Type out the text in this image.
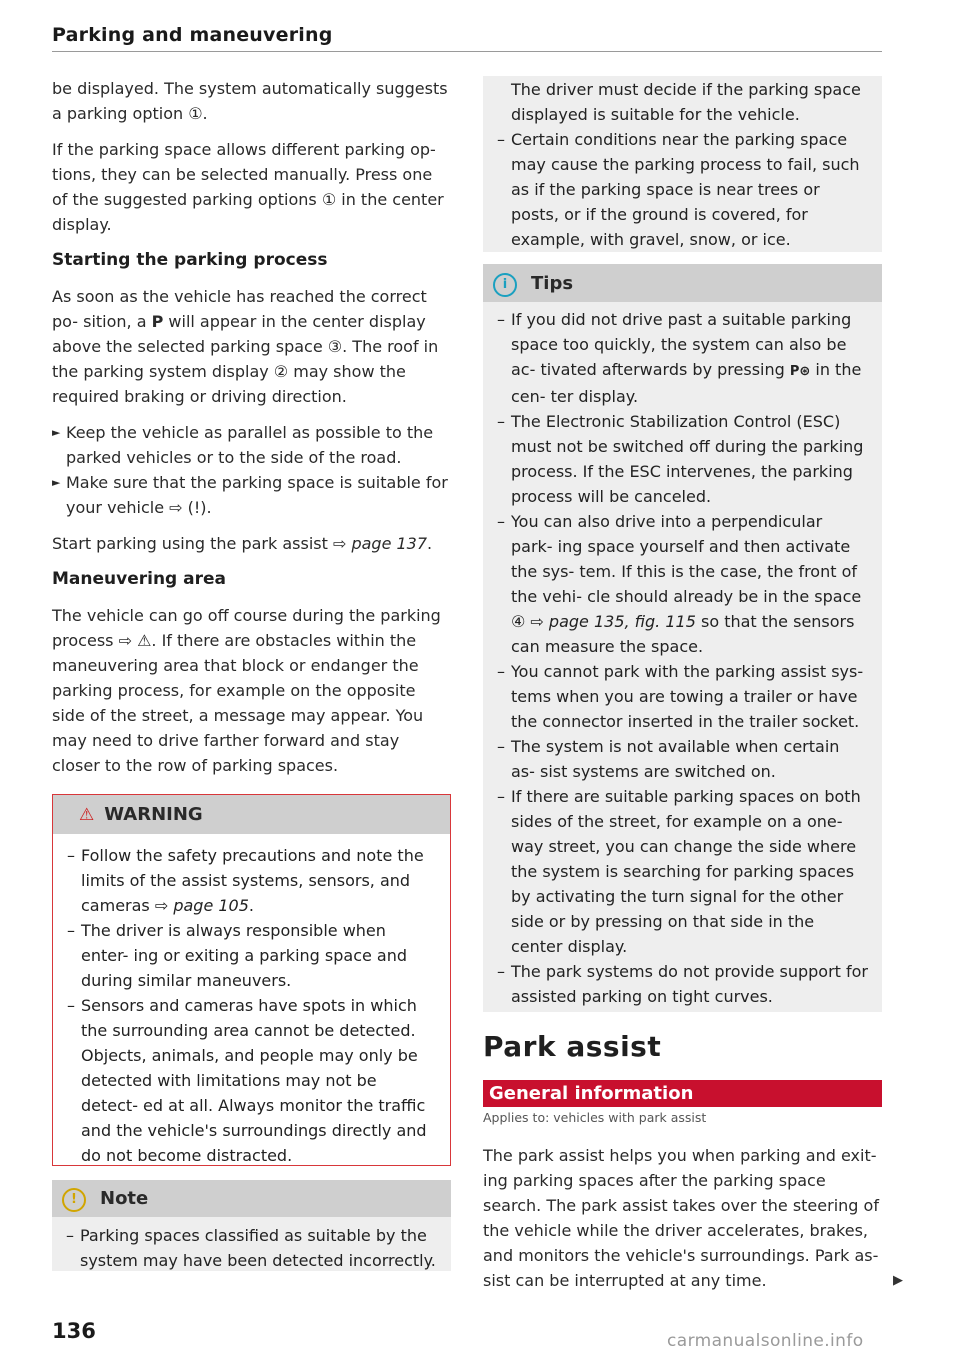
Parking and maneuvering

be displayed. The system automatically suggests a parking option ①.

If the parking space allows different parking op- tions, they can be selected manually. Press one of the suggested parking options ① in the center display.

Starting the parking process

As soon as the vehicle has reached the correct po- sition, a P will appear in the center display above the selected parking space ③. The roof in the parking system display ② may show the required braking or driving direction.

► Keep the vehicle as parallel as possible to the parked vehicles or to the side of the road.
► Make sure that the parking space is suitable for your vehicle ⇨ (!).

Start parking using the park assist ⇨ page 137.

Maneuvering area

The vehicle can go off course during the parking process ⇨ ⚠. If there are obstacles within the maneuvering area that block or endanger the parking process, for example on the opposite side of the street, a message may appear. You may need to drive farther forward and stay closer to the row of parking spaces.

⚠ WARNING
– Follow the safety precautions and note the limits of the assist systems, sensors, and cameras ⇨ page 105.
– The driver is always responsible when enter- ing or exiting a parking space and during similar maneuvers.
– Sensors and cameras have spots in which the surrounding area cannot be detected. Objects, animals, and people may only be detected with limitations may not be detect- ed at all. Always monitor the traffic and the vehicle's surroundings directly and do not become distracted.
! Note
– Parking spaces classified as suitable by the system may have been detected incorrectly.
The driver must decide if the parking space displayed is suitable for the vehicle.
– Certain conditions near the parking space may cause the parking process to fail, such as if the parking space is near trees or posts, or if the ground is covered, for example, with gravel, snow, or ice.
i Tips
– If you did not drive past a suitable parking space too quickly, the system can also be ac- tivated afterwards by pressing P⊛ in the cen- ter display.
– The Electronic Stabilization Control (ESC) must not be switched off during the parking process. If the ESC intervenes, the parking process will be canceled.
– You can also drive into a perpendicular park- ing space yourself and then activate the sys- tem. If this is the case, the front of the vehi- cle should already be in the space ④ ⇨ page 135, fig. 115 so that the sensors can measure the space.
– You cannot park with the parking assist sys- tems when you are towing a trailer or have the connector inserted in the trailer socket.
– The system is not available when certain as- sist systems are switched on.
– If there are suitable parking spaces on both sides of the street, for example on a one- way street, you can change the side where the system is searching for parking spaces by activating the turn signal for the other side or by pressing on that side in the center display.
– The park systems do not provide support for assisted parking on tight curves.
Park assist
General information
Applies to: vehicles with park assist
The park assist helps you when parking and exit- ing parking spaces after the parking space search. The park assist takes over the steering of the vehicle while the driver accelerates, brakes, and monitors the vehicle's surroundings. Park as- sist can be interrupted at any time.	▶
136	carmanualsonline.info
